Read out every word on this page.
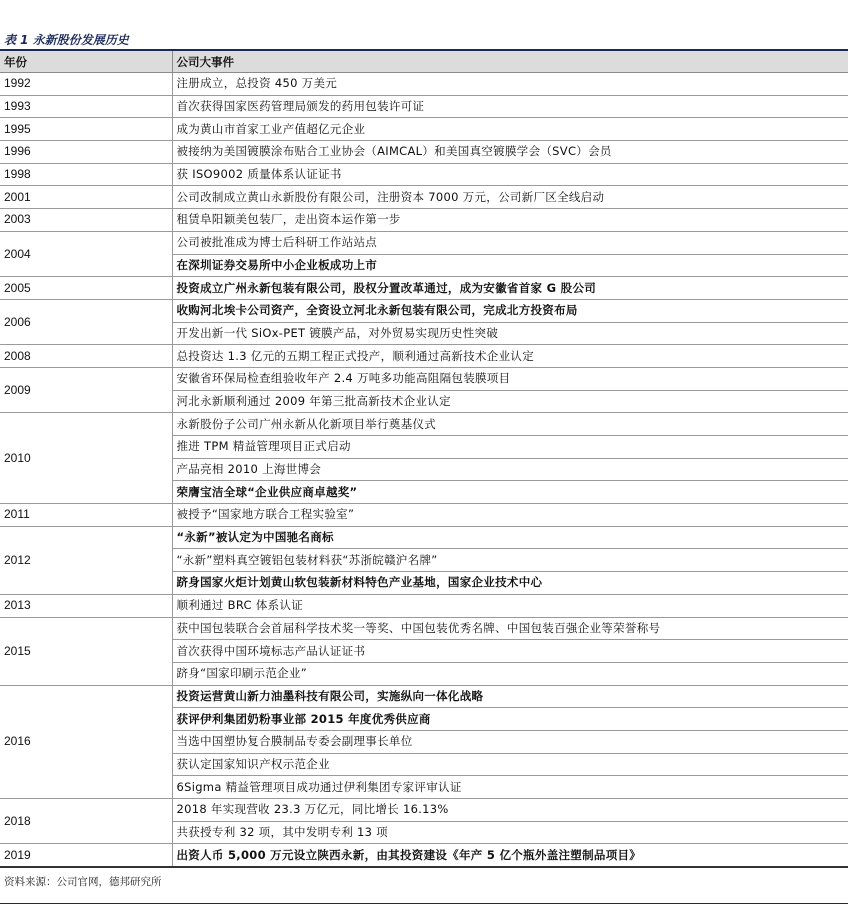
表 1 永新股份发展历史
年份	公司大事件
1992	注册成立，总投资 450 万美元
1993	首次获得国家医药管理局颁发的药用包装许可证
1995	成为黄山市首家工业产值超亿元企业
1996	被接纳为美国镀膜涂布贴合工业协会（AIMCAL）和美国真空镀膜学会（SVC）会员
1998	获 ISO9002 质量体系认证证书
2001	公司改制成立黄山永新股份有限公司，注册资本 7000 万元，公司新厂区全线启动
2003	租赁阜阳颖美包装厂，走出资本运作第一步
2004	公司被批准成为博士后科研工作站站点
	在深圳证券交易所中小企业板成功上市
2005	投资成立广州永新包装有限公司，股权分置改革通过，成为安徽省首家 G 股公司
2006	收购河北埃卡公司资产，全资设立河北永新包装有限公司，完成北方投资布局
	开发出新一代 SiOx-PET 镀膜产品，对外贸易实现历史性突破
2008	总投资达 1.3 亿元的五期工程正式投产，顺利通过高新技术企业认定
2009	安徽省环保局检查组验收年产 2.4 万吨多功能高阻隔包装膜项目
	河北永新顺利通过 2009 年第三批高新技术企业认定
2010	永新股份子公司广州永新从化新项目举行奠基仪式
	推进 TPM 精益管理项目正式启动
	产品亮相 2010 上海世博会
	荣膺宝洁全球“企业供应商卓越奖”
2011	被授予“国家地方联合工程实验室”
2012	“永新”被认定为中国驰名商标
	“永新”塑料真空镀铝包装材料获“苏浙皖赣沪名牌”
	跻身国家火炬计划黄山软包装新材料特色产业基地，国家企业技术中心
2013	顺利通过 BRC 体系认证
2015	获中国包装联合会首届科学技术奖一等奖、中国包装优秀名牌、中国包装百强企业等荣誉称号
	首次获得中国环境标志产品认证证书
	跻身“国家印刷示范企业”
2016	投资运营黄山新力油墨科技有限公司，实施纵向一体化战略
	获评伊利集团奶粉事业部 2015 年度优秀供应商
	当选中国塑协复合膜制品专委会副理事长单位
	获认定国家知识产权示范企业
	6Sigma 精益管理项目成功通过伊利集团专家评审认证
2018	2018 年实现营收 23.3 万亿元，同比增长 16.13%
	共获授专利 32 项，其中发明专利 13 项
2019	出资人币 5,000 万元设立陕西永新，由其投资建设《年产 5 亿个瓶外盖注塑制品项目》
资料来源：公司官网，德邦研究所
